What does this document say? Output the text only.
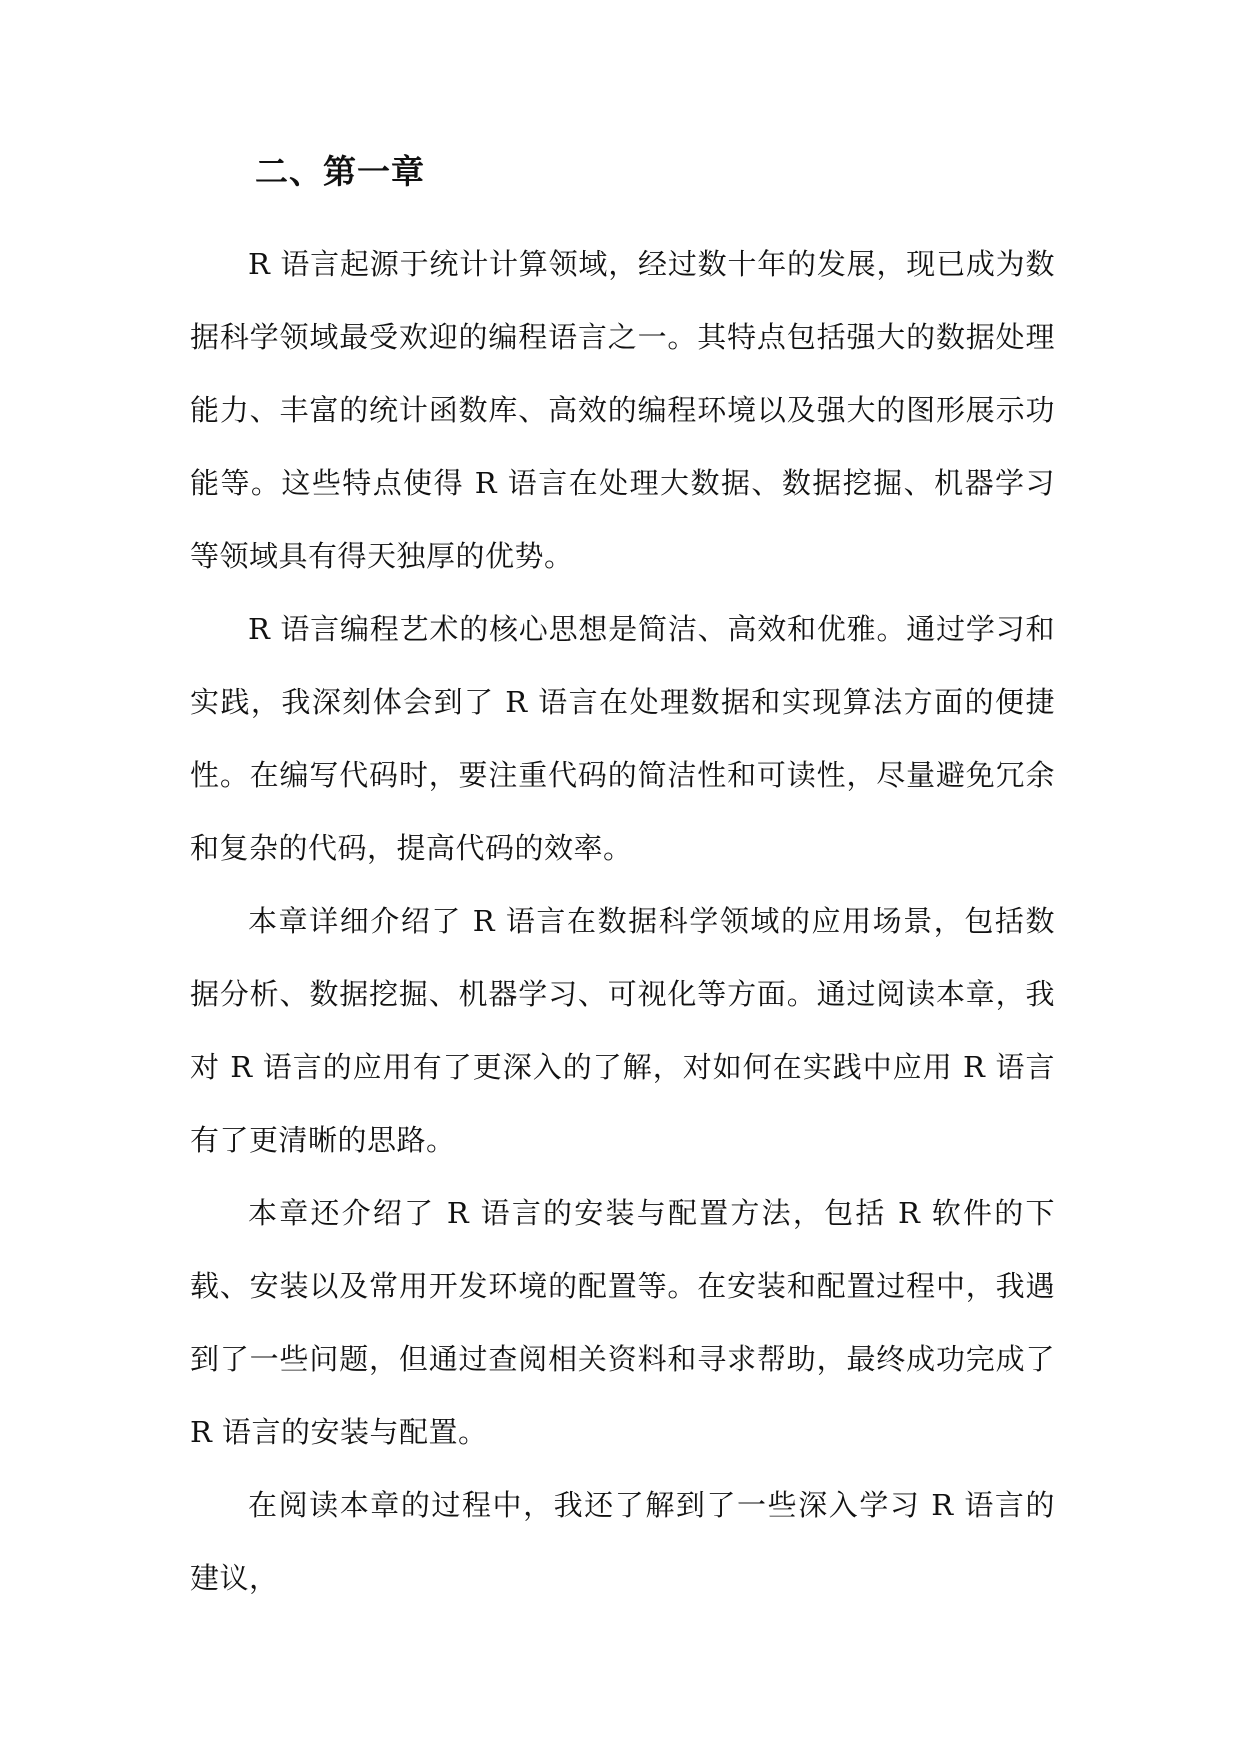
二、第一章

R 语言起源于统计计算领域，经过数十年的发展，现已成为数据科学领域最受欢迎的编程语言之一。其特点包括强大的数据处理能力、丰富的统计函数库、高效的编程环境以及强大的图形展示功能等。这些特点使得 R 语言在处理大数据、数据挖掘、机器学习等领域具有得天独厚的优势。

R 语言编程艺术的核心思想是简洁、高效和优雅。通过学习和实践，我深刻体会到了 R 语言在处理数据和实现算法方面的便捷性。在编写代码时，要注重代码的简洁性和可读性，尽量避免冗余和复杂的代码，提高代码的效率。

本章详细介绍了 R 语言在数据科学领域的应用场景，包括数据分析、数据挖掘、机器学习、可视化等方面。通过阅读本章，我对 R 语言的应用有了更深入的了解，对如何在实践中应用 R 语言有了更清晰的思路。

本章还介绍了 R 语言的安装与配置方法，包括 R 软件的下载、安装以及常用开发环境的配置等。在安装和配置过程中，我遇到了一些问题，但通过查阅相关资料和寻求帮助，最终成功完成了 R 语言的安装与配置。

在阅读本章的过程中，我还了解到了一些深入学习 R 语言的建议，
